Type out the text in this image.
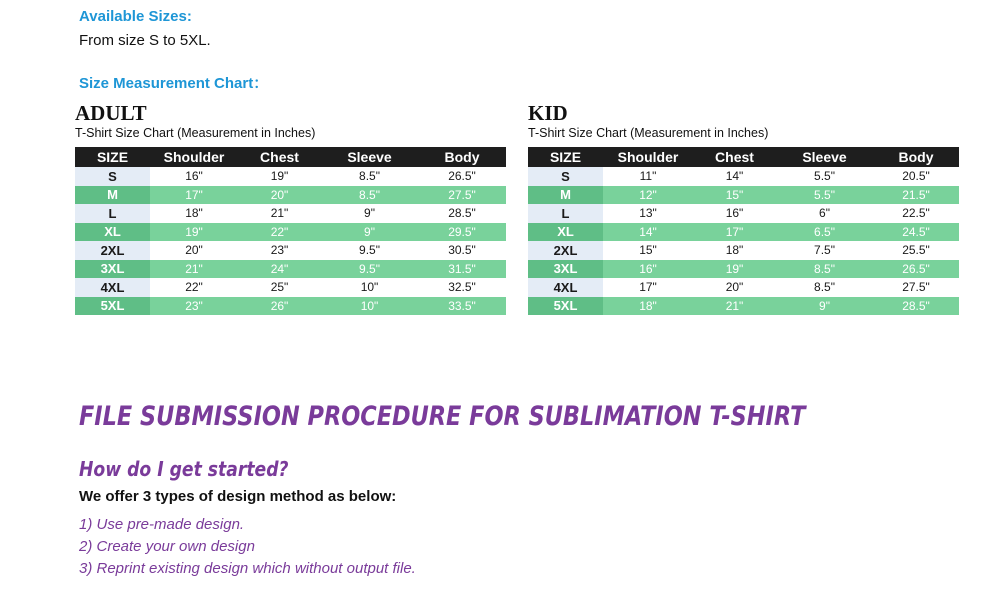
Available Sizes:
From size S to 5XL.
Size Measurement Chart：
ADULT
T-Shirt Size Chart (Measurement in Inches)
SIZE	Shoulder	Chest	Sleeve	Body
S	16"	19"	8.5"	26.5"
M	17"	20"	8.5"	27.5"
L	18"	21"	9"	28.5"
XL	19"	22"	9"	29.5"
2XL	20"	23"	9.5"	30.5"
3XL	21"	24"	9.5"	31.5"
4XL	22"	25"	10"	32.5"
5XL	23"	26"	10"	33.5"
KID
T-Shirt Size Chart (Measurement in Inches)
SIZE	Shoulder	Chest	Sleeve	Body
S	11"	14"	5.5"	20.5"
M	12"	15"	5.5"	21.5"
L	13"	16"	6"	22.5"
XL	14"	17"	6.5"	24.5"
2XL	15"	18"	7.5"	25.5"
3XL	16"	19"	8.5"	26.5"
4XL	17"	20"	8.5"	27.5"
5XL	18"	21"	9"	28.5"
FILE SUBMISSION PROCEDURE FOR SUBLIMATION T-SHIRT
How do I get started?
We offer 3 types of design method as below:
1) Use pre-made design.
2) Create your own design
3) Reprint existing design which without output file.
